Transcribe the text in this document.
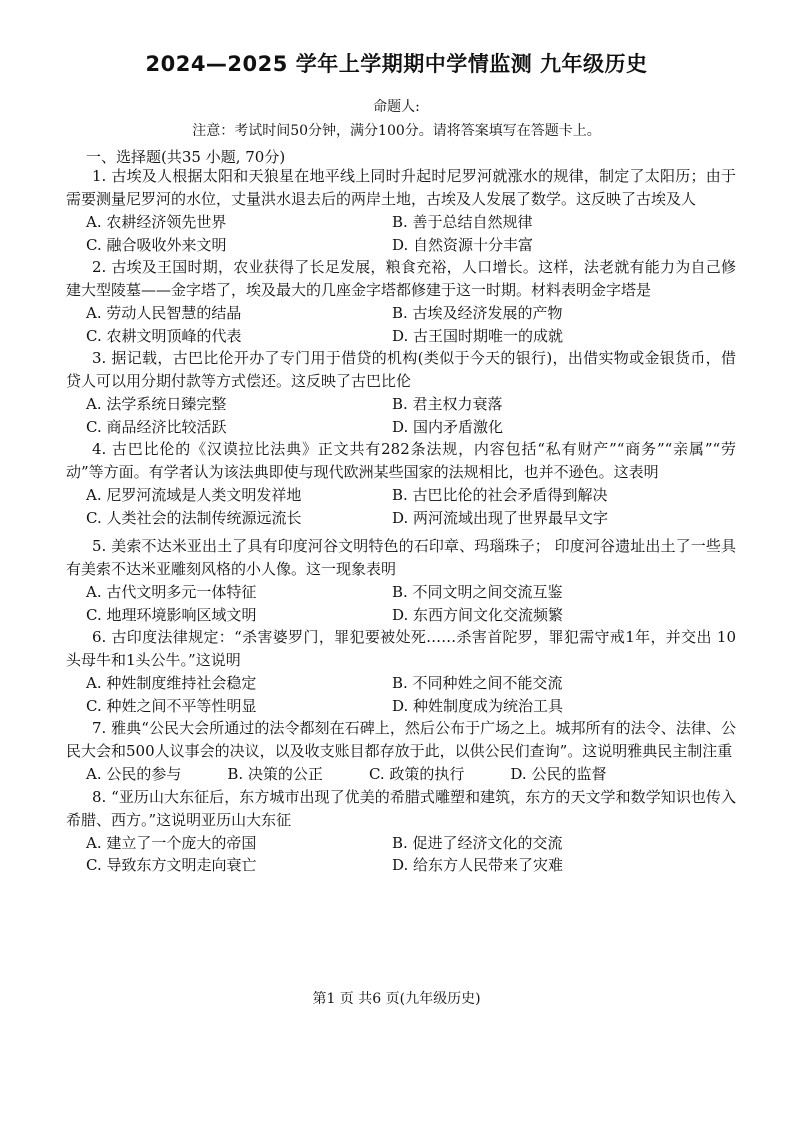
2024—2025 学年上学期期中学情监测 九年级历史
命题人:
注意：考试时间50分钟，满分100分。请将答案填写在答题卡上。
一、选择题(共35 小题, 70分)
1. 古埃及人根据太阳和天狼星在地平线上同时升起时尼罗河就涨水的规律，制定了太阳历；由于需要测量尼罗河的水位，丈量洪水退去后的两岸土地，古埃及人发展了数学。这反映了古埃及人
A. 农耕经济领先世界	B. 善于总结自然规律
C. 融合吸收外来文明	D. 自然资源十分丰富
2. 古埃及王国时期，农业获得了长足发展，粮食充裕，人口增长。这样，法老就有能力为自己修建大型陵墓——金字塔了，埃及最大的几座金字塔都修建于这一时期。材料表明金字塔是
A. 劳动人民智慧的结晶	B. 古埃及经济发展的产物
C. 农耕文明顶峰的代表	D. 古王国时期唯一的成就
3. 据记载，古巴比伦开办了专门用于借贷的机构(类似于今天的银行)，出借实物或金银货币，借贷人可以用分期付款等方式偿还。这反映了古巴比伦
A. 法学系统日臻完整	B. 君主权力衰落
C. 商品经济比较活跃	D. 国内矛盾激化
4. 古巴比伦的《汉谟拉比法典》正文共有282条法规，内容包括“私有财产”“商务”“亲属”“劳动”等方面。有学者认为该法典即使与现代欧洲某些国家的法规相比，也并不逊色。这表明
A. 尼罗河流域是人类文明发祥地	B. 古巴比伦的社会矛盾得到解决
C. 人类社会的法制传统源远流长	D. 两河流域出现了世界最早文字
5. 美索不达米亚出土了具有印度河谷文明特色的石印章、玛瑙珠子； 印度河谷遗址出土了一些具有美索不达米亚雕刻风格的小人像。这一现象表明
A. 古代文明多元一体特征	B. 不同文明之间交流互鉴
C. 地理环境影响区域文明	D. 东西方间文化交流频繁
6. 古印度法律规定：“杀害婆罗门，罪犯要被处死……杀害首陀罗，罪犯需守戒1年，并交出 10头母牛和1头公牛。”这说明
A. 种姓制度维持社会稳定	B. 不同种姓之间不能交流
C. 种姓之间不平等性明显	D. 种姓制度成为统治工具
7. 雅典“公民大会所通过的法令都刻在石碑上，然后公布于广场之上。城邦所有的法令、法律、公民大会和500人议事会的决议，以及收支账目都存放于此，以供公民们查询”。这说明雅典民主制注重
A. 公民的参与	B. 决策的公正	C. 政策的执行	D. 公民的监督
8. “亚历山大东征后，东方城市出现了优美的希腊式雕塑和建筑，东方的天文学和数学知识也传入希腊、西方。”这说明亚历山大东征
A. 建立了一个庞大的帝国	B. 促进了经济文化的交流
C. 导致东方文明走向衰亡	D. 给东方人民带来了灾难
第1 页 共6 页(九年级历史)
